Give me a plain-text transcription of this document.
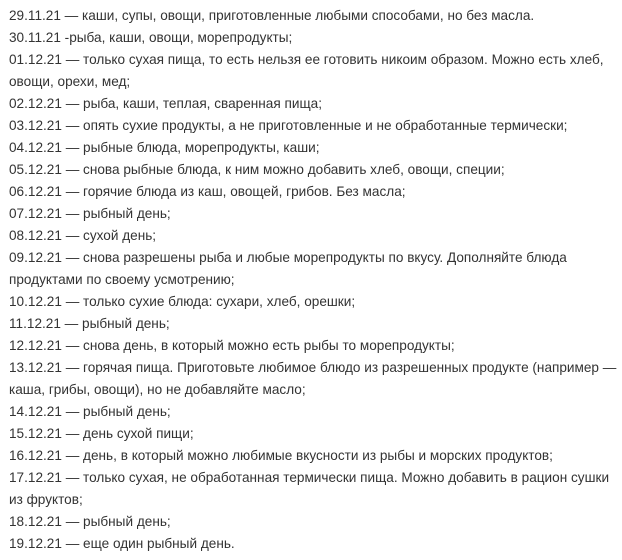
29.11.21 — каши, супы, овощи, приготовленные любыми способами, но без масла.

30.11.21 -рыба, каши, овощи, морепродукты;

01.12.21 — только сухая пища, то есть нельзя ее готовить никоим образом. Можно есть хлеб, овощи, орехи, мед;

02.12.21 — рыба, каши, теплая, сваренная пища;

03.12.21 — опять сухие продукты, а не приготовленные и не обработанные термически;

04.12.21 — рыбные блюда, морепродукты, каши;

05.12.21 — снова рыбные блюда, к ним можно добавить хлеб, овощи, специи;

06.12.21 — горячие блюда из каш, овощей, грибов. Без масла;

07.12.21 — рыбный день;

08.12.21 — сухой день;

09.12.21 — снова разрешены рыба и любые морепродукты по вкусу. Дополняйте блюда продуктами по своему усмотрению;

10.12.21 — только сухие блюда: сухари, хлеб, орешки;

11.12.21 — рыбный день;

12.12.21 — снова день, в который можно есть рыбы то морепродукты;

13.12.21 — горячая пища. Приготовьте любимое блюдо из разрешенных продукте (например — каша, грибы, овощи), но не добавляйте масло;

14.12.21 — рыбный день;

15.12.21 — день сухой пищи;

16.12.21 — день, в который можно любимые вкусности из рыбы и морских продуктов;

17.12.21 — только сухая, не обработанная термически пища. Можно добавить в рацион сушки из фруктов;

18.12.21 — рыбный день;

19.12.21 — еще один рыбный день.
